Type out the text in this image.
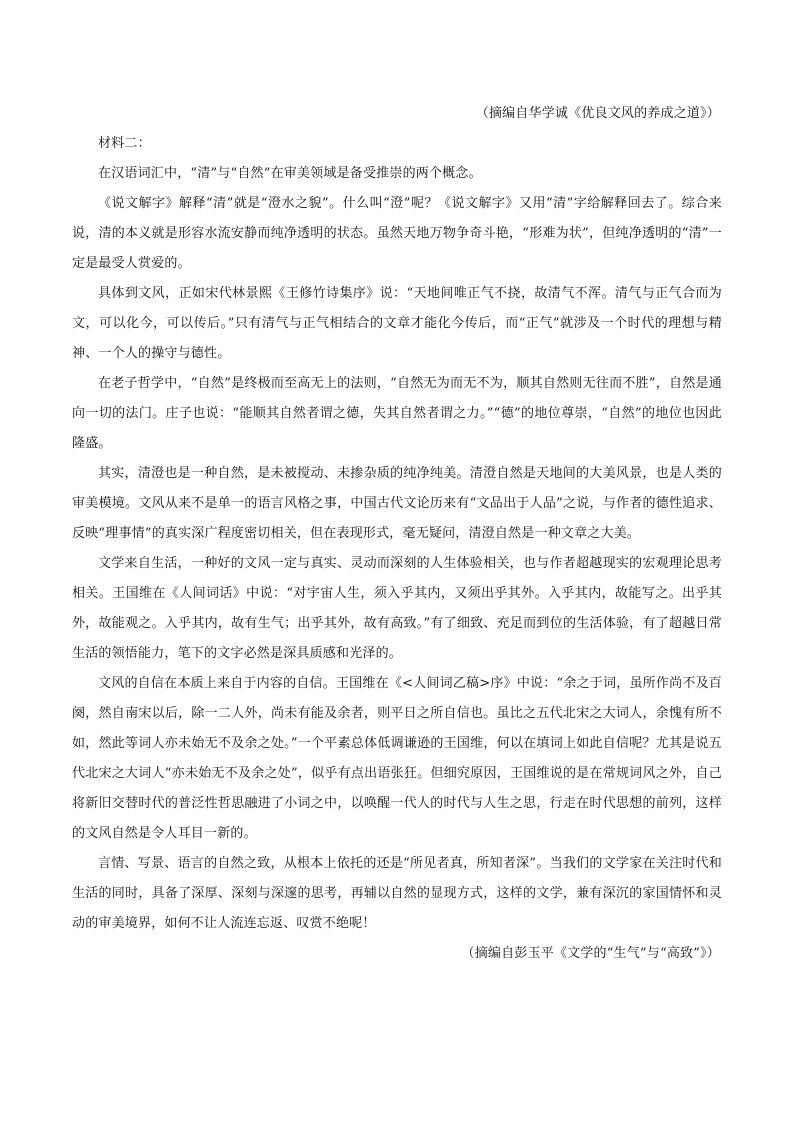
（摘编自华学诚《优良文风的养成之道》）
材料二：

在汉语词汇中，“清”与“自然”在审美领域是备受推崇的两个概念。

《说文解字》解释“清”就是“澄水之貌”。什么叫“澄”呢？《说文解字》又用“清”字给解释回去了。综合来说，清的本义就是形容水流安静而纯净透明的状态。虽然天地万物争奇斗艳，“形难为状”，但纯净透明的“清”一定是最受人赏爱的。

具体到文风，正如宋代林景熙《王修竹诗集序》说：“天地间唯正气不挠，故清气不浑。清气与正气合而为文，可以化今，可以传后。”只有清气与正气相结合的文章才能化今传后，而“正气”就涉及一个时代的理想与精神、一个人的操守与德性。

在老子哲学中，“自然”是终极而至高无上的法则，“自然无为而无不为，顺其自然则无往而不胜”，自然是通向一切的法门。庄子也说：“能顺其自然者谓之德，失其自然者谓之力。”“德”的地位尊崇，“自然”的地位也因此隆盛。

其实，清澄也是一种自然，是未被搅动、未掺杂质的纯净纯美。清澄自然是天地间的大美风景，也是人类的审美模境。文风从来不是单一的语言风格之事，中国古代文论历来有“文品出于人品”之说，与作者的德性追求、反映“理事情”的真实深广程度密切相关，但在表现形式，毫无疑问，清澄自然是一种文章之大美。

文学来自生活，一种好的文风一定与真实、灵动而深刻的人生体验相关，也与作者超越现实的宏观理论思考相关。王国维在《人间词话》中说：“对宇宙人生，须入乎其内，又须出乎其外。入乎其内，故能写之。出乎其外，故能观之。入乎其内，故有生气；出乎其外，故有高致。”有了细致、充足而到位的生活体验，有了超越日常生活的领悟能力，笔下的文字必然是深具质感和光泽的。

文风的自信在本质上来自于内容的自信。王国维在《<人间词乙稿>序》中说：“余之于词，虽所作尚不及百阕，然自南宋以后，除一二人外，尚未有能及余者，则平日之所自信也。虽比之五代北宋之大词人，余愧有所不如，然此等词人亦未始无不及余之处。”一个平素总体低调谦逊的王国维，何以在填词上如此自信呢？尤其是说五代北宋之大词人“亦未始无不及余之处”，似乎有点出语张狂。但细究原因，王国维说的是在常规词风之外，自己将新旧交替时代的普泛性哲思融进了小词之中，以唤醒一代人的时代与人生之思，行走在时代思想的前列，这样的文风自然是令人耳目一新的。

言情、写景、语言的自然之致，从根本上依托的还是“所见者真，所知者深”。当我们的文学家在关注时代和生活的同时，具备了深厚、深刻与深邃的思考，再辅以自然的显现方式，这样的文学，兼有深沉的家国情怀和灵动的审美境界，如何不让人流连忘返、叹赏不绝呢！

（摘编自彭玉平《文学的“生气”与“高致”》）
